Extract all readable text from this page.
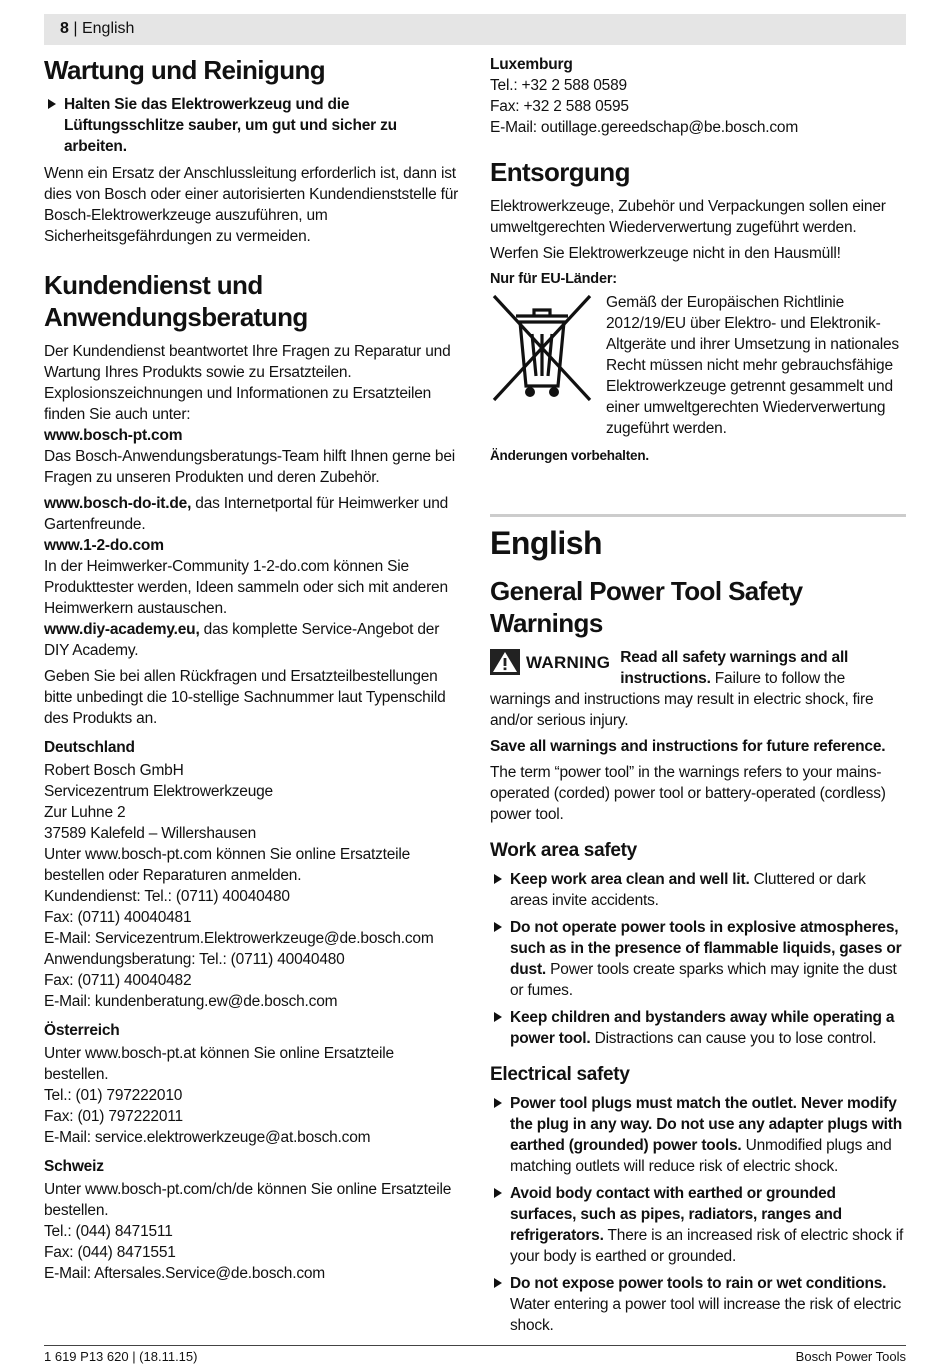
8 | English
Wartung und Reinigung
Halten Sie das Elektrowerkzeug und die Lüftungsschlitze sauber, um gut und sicher zu arbeiten.

Wenn ein Ersatz der Anschlussleitung erforderlich ist, dann ist dies von Bosch oder einer autorisierten Kundendienststelle für Bosch-Elektrowerkzeuge auszuführen, um Sicherheitsgefährdungen zu vermeiden.

Kundendienst und Anwendungsberatung

Der Kundendienst beantwortet Ihre Fragen zu Reparatur und Wartung Ihres Produkts sowie zu Ersatzteilen. Explosionszeichnungen und Informationen zu Ersatzteilen finden Sie auch unter:

www.bosch-pt.com

Das Bosch-Anwendungsberatungs-Team hilft Ihnen gerne bei Fragen zu unseren Produkten und deren Zubehör.

www.bosch-do-it.de, das Internetportal für Heimwerker und Gartenfreunde.

www.1-2-do.com

In der Heimwerker-Community 1-2-do.com können Sie Produkttester werden, Ideen sammeln oder sich mit anderen Heimwerkern austauschen.

www.diy-academy.eu, das komplette Service-Angebot der DIY Academy.

Geben Sie bei allen Rückfragen und Ersatzteilbestellungen bitte unbedingt die 10-stellige Sachnummer laut Typenschild des Produkts an.

Deutschland
Robert Bosch GmbH
Servicezentrum Elektrowerkzeuge
Zur Luhne 2
37589 Kalefeld – Willershausen
Unter www.bosch-pt.com können Sie online Ersatzteile bestellen oder Reparaturen anmelden.
Kundendienst: Tel.: (0711) 40040480
Fax: (0711) 40040481
E-Mail: Servicezentrum.Elektrowerkzeuge@de.bosch.com
Anwendungsberatung: Tel.: (0711) 40040480
Fax: (0711) 40040482
E-Mail: kundenberatung.ew@de.bosch.com
Österreich
Unter www.bosch-pt.at können Sie online Ersatzteile bestellen.
Tel.: (01) 797222010
Fax: (01) 797222011
E-Mail: service.elektrowerkzeuge@at.bosch.com
Schweiz
Unter www.bosch-pt.com/ch/de können Sie online Ersatzteile bestellen.
Tel.: (044) 8471511
Fax: (044) 8471551
E-Mail: Aftersales.Service@de.bosch.com
Luxemburg
Tel.: +32 2 588 0589
Fax: +32 2 588 0595
E-Mail: outillage.gereedschap@be.bosch.com
Entsorgung

Elektrowerkzeuge, Zubehör und Verpackungen sollen einer umweltgerechten Wiederverwertung zugeführt werden.

Werfen Sie Elektrowerkzeuge nicht in den Hausmüll!

Nur für EU-Länder:
Gemäß der Europäischen Richtlinie 2012/19/EU über Elektro- und Elektronik-Altgeräte und ihrer Umsetzung in nationales Recht müssen nicht mehr gebrauchsfähige Elektrowerkzeuge getrennt gesammelt und einer umweltgerechten Wiederverwertung zugeführt werden.
Änderungen vorbehalten.
English
General Power Tool Safety Warnings
WARNING Read all safety warnings and all instructions. Failure to follow the warnings and instructions may result in electric shock, fire and/or serious injury.

Save all warnings and instructions for future reference.

The term “power tool” in the warnings refers to your mains-operated (corded) power tool or battery-operated (cordless) power tool.

Work area safety
Keep work area clean and well lit. Cluttered or dark areas invite accidents.
Do not operate power tools in explosive atmospheres, such as in the presence of flammable liquids, gases or dust. Power tools create sparks which may ignite the dust or fumes.
Keep children and bystanders away while operating a power tool. Distractions can cause you to lose control.
Electrical safety
Power tool plugs must match the outlet. Never modify the plug in any way. Do not use any adapter plugs with earthed (grounded) power tools. Unmodified plugs and matching outlets will reduce risk of electric shock.
Avoid body contact with earthed or grounded surfaces, such as pipes, radiators, ranges and refrigerators. There is an increased risk of electric shock if your body is earthed or grounded.
Do not expose power tools to rain or wet conditions. Water entering a power tool will increase the risk of electric shock.
1 619 P13 620 | (18.11.15)	Bosch Power Tools
